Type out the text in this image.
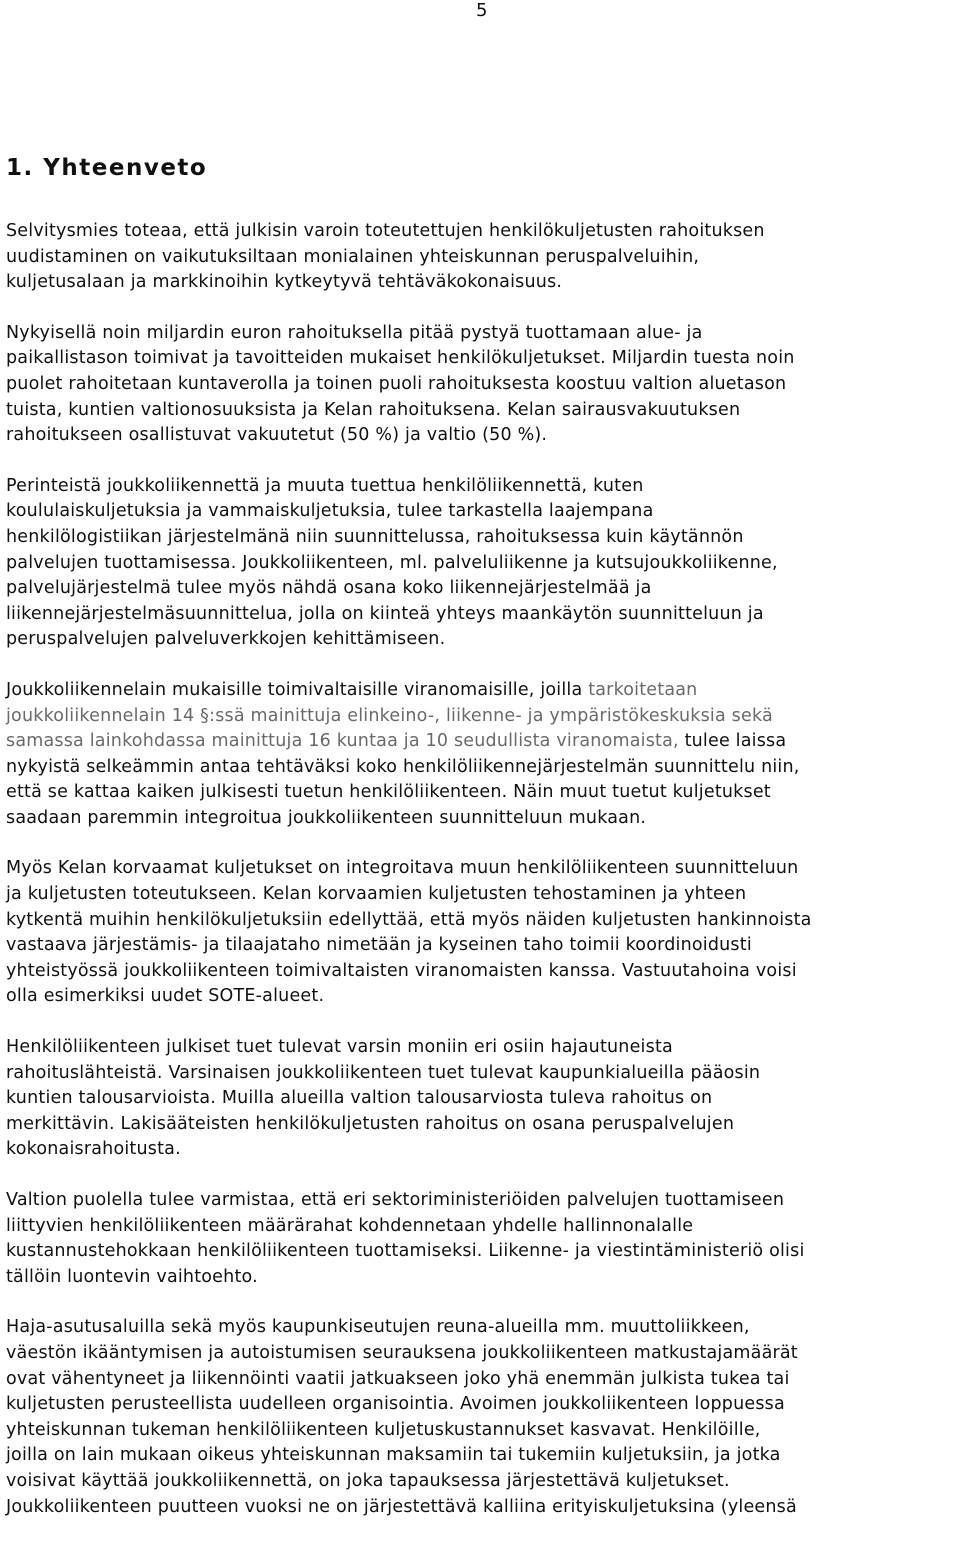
5
1. Yhteenveto

Selvitysmies toteaa, että julkisin varoin toteutettujen henkilökuljetusten rahoituksen
uudistaminen on vaikutuksiltaan monialainen yhteiskunnan peruspalveluihin,
kuljetusalaan ja markkinoihin kytkeytyvä tehtäväkokonaisuus.

Nykyisellä noin miljardin euron rahoituksella pitää pystyä tuottamaan alue- ja
paikallistason toimivat ja tavoitteiden mukaiset henkilökuljetukset. Miljardin tuesta noin
puolet rahoitetaan kuntaverolla ja toinen puoli rahoituksesta koostuu valtion aluetason
tuista, kuntien valtionosuuksista ja Kelan rahoituksena. Kelan sairausvakuutuksen
rahoitukseen osallistuvat vakuutetut (50 %) ja valtio (50 %).

Perinteistä joukkoliikennettä ja muuta tuettua henkilöliikennettä, kuten
koululaiskuljetuksia ja vammaiskuljetuksia, tulee tarkastella laajempana
henkilölogistiikan järjestelmänä niin suunnittelussa, rahoituksessa kuin käytännön
palvelujen tuottamisessa. Joukkoliikenteen, ml. palveluliikenne ja kutsujoukkoliikenne,
palvelujärjestelmä tulee myös nähdä osana koko liikennejärjestelmää ja
liikennejärjestelmäsuunnittelua, jolla on kiinteä yhteys maankäytön suunnitteluun ja
peruspalvelujen palveluverkkojen kehittämiseen.

Joukkoliikennelain mukaisille toimivaltaisille viranomaisille, joilla tarkoitetaan
joukkoliikennelain 14 §:ssä mainittuja elinkeino-, liikenne- ja ympäristökeskuksia sekä
samassa lainkohdassa mainittuja 16 kuntaa ja 10 seudullista viranomaista, tulee laissa
nykyistä selkeämmin antaa tehtäväksi koko henkilöliikennejärjestelmän suunnittelu niin,
että se kattaa kaiken julkisesti tuetun henkilöliikenteen. Näin muut tuetut kuljetukset
saadaan paremmin integroitua joukkoliikenteen suunnitteluun mukaan.

Myös Kelan korvaamat kuljetukset on integroitava muun henkilöliikenteen suunnitteluun
ja kuljetusten toteutukseen. Kelan korvaamien kuljetusten tehostaminen ja yhteen
kytkentä muihin henkilökuljetuksiin edellyttää, että myös näiden kuljetusten hankinnoista
vastaava järjestämis- ja tilaajataho nimetään ja kyseinen taho toimii koordinoidusti
yhteistyössä joukkoliikenteen toimivaltaisten viranomaisten kanssa. Vastuutahoina voisi
olla esimerkiksi uudet SOTE-alueet.

Henkilöliikenteen julkiset tuet tulevat varsin moniin eri osiin hajautuneista
rahoituslähteistä. Varsinaisen joukkoliikenteen tuet tulevat kaupunkialueilla pääosin
kuntien talousarvioista. Muilla alueilla valtion talousarviosta tuleva rahoitus on
merkittävin. Lakisääteisten henkilökuljetusten rahoitus on osana peruspalvelujen
kokonaisrahoitusta.

Valtion puolella tulee varmistaa, että eri sektoriministeriöiden palvelujen tuottamiseen
liittyvien henkilöliikenteen määrärahat kohdennetaan yhdelle hallinnonalalle
kustannustehokkaan henkilöliikenteen tuottamiseksi. Liikenne- ja viestintäministeriö olisi
tällöin luontevin vaihtoehto.

Haja-asutusaluilla sekä myös kaupunkiseutujen reuna-alueilla mm. muuttoliikkeen,
väestön ikääntymisen ja autoistumisen seurauksena joukkoliikenteen matkustajamäärät
ovat vähentyneet ja liikennöinti vaatii jatkuakseen joko yhä enemmän julkista tukea tai
kuljetusten perusteellista uudelleen organisointia. Avoimen joukkoliikenteen loppuessa
yhteiskunnan tukeman henkilöliikenteen kuljetuskustannukset kasvavat. Henkilöille,
joilla on lain mukaan oikeus yhteiskunnan maksamiin tai tukemiin kuljetuksiin, ja jotka
voisivat käyttää joukkoliikennettä, on joka tapauksessa järjestettävä kuljetukset.
Joukkoliikenteen puutteen vuoksi ne on järjestettävä kalliina erityiskuljetuksina (yleensä
